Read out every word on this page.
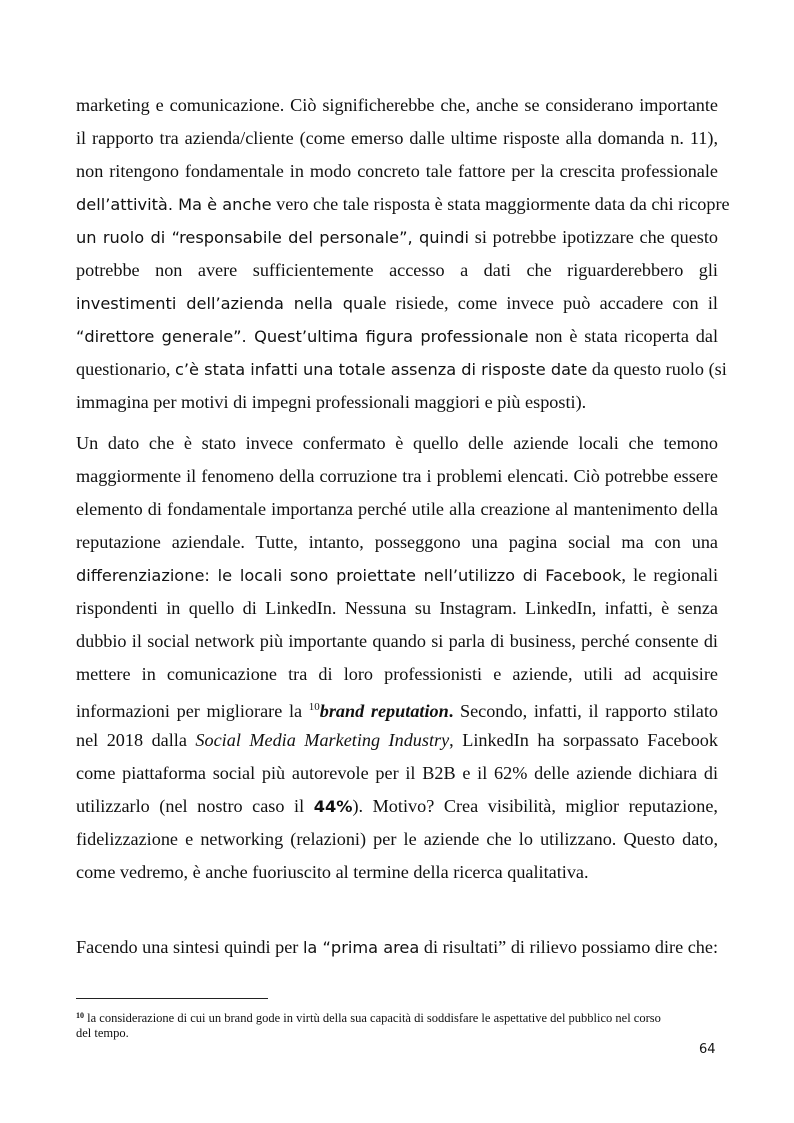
marketing e comunicazione. Ciò significherebbe che, anche se considerano importante
il rapporto tra azienda/cliente (come emerso dalle ultime risposte alla domanda n. 11),
non ritengono fondamentale in modo concreto tale fattore per la crescita professionale
dell’attività. Ma è anche vero che tale risposta è stata maggiormente data da chi ricopre
un ruolo di “responsabile del personale”, quindi si potrebbe ipotizzare che questo
potrebbe non avere sufficientemente accesso a dati che riguarderebbero gli
investimenti dell’azienda nella quale risiede, come invece può accadere con il
“direttore generale”. Quest’ultima figura professionale non è stata ricoperta dal
questionario, c’è stata infatti una totale assenza di risposte date da questo ruolo (si
immagina per motivi di impegni professionali maggiori e più esposti).
Un dato che è stato invece confermato è quello delle aziende locali che temono
maggiormente il fenomeno della corruzione tra i problemi elencati. Ciò potrebbe essere
elemento di fondamentale importanza perché utile alla creazione al mantenimento della
reputazione aziendale. Tutte, intanto, posseggono una pagina social ma con una
differenziazione: le locali sono proiettate nell’utilizzo di Facebook, le regionali
rispondenti in quello di LinkedIn. Nessuna su Instagram. LinkedIn, infatti, è senza
dubbio il social network più importante quando si parla di business, perché consente di
mettere in comunicazione tra di loro professionisti e aziende, utili ad acquisire
informazioni per migliorare la $^{10}$brand reputation. Secondo, infatti, il rapporto stilato
nel 2018 dalla Social Media Marketing Industry, LinkedIn ha sorpassato Facebook
come piattaforma social più autorevole per il B2B e il 62% delle aziende dichiara di
utilizzarlo (nel nostro caso il 44%). Motivo? Crea visibilità, miglior reputazione,
fidelizzazione e networking (relazioni) per le aziende che lo utilizzano. Questo dato,
come vedremo, è anche fuoriuscito al termine della ricerca qualitativa.
Facendo una sintesi quindi per la “prima area di risultati” di rilievo possiamo dire che:
$^{10}$ la considerazione di cui un brand gode in virtù della sua capacità di soddisfare le aspettative del pubblico nel corso
del tempo.
64
